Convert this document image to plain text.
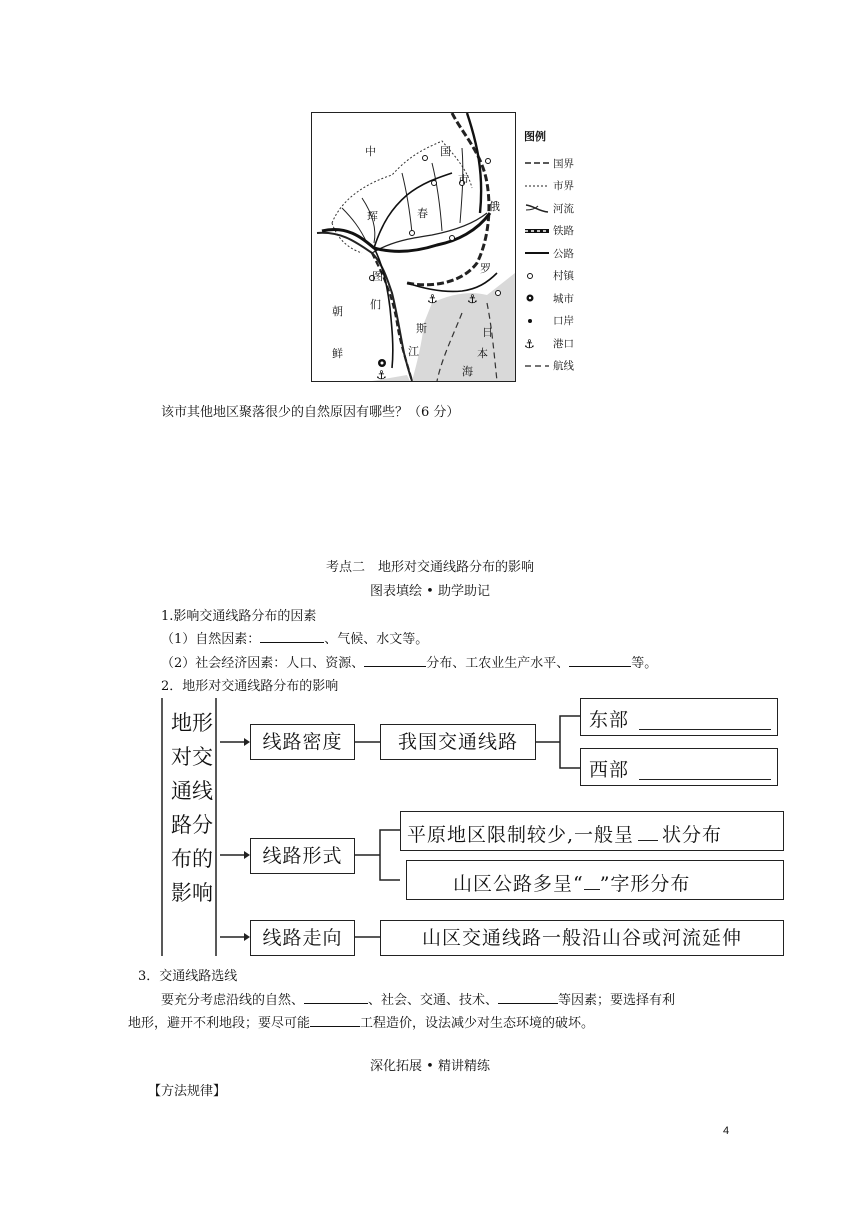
⚓ ⚓
⚓
中	国
市
俄
珲	春
罗
图
们
斯
江
朝
鲜
日
本
海
图例
国界
市界
河流
铁路
公路
村镇
城市
口岸
⚓ 港口
航线
该市其他地区聚落很少的自然原因有哪些？（6 分）
考点二　地形对交通线路分布的影响
图表填绘 • 助学助记
1.影响交通线路分布的因素
（1）自然因素：	、气候、水文等。
（2）社会经济因素：人口、资源、	分布、工农业生产水平、	等。
2．地形对交通线路分布的影响
地形
对交
通线
路分
布的
影响
线路密度	我国交通线路
东部
西部
线路形式
平原地区限制较少,一般呈 状分布
山区公路多呈“ ”字形分布
线路走向	山区交通线路一般沿山谷或河流延伸
3．交通线路选线
要充分考虑沿线的自然、	、社会、交通、技术、	等因素；要选择有利
地形，避开不利地段；要尽可能	工程造价，设法减少对生态环境的破坏。
深化拓展 • 精讲精练
【方法规律】
4
